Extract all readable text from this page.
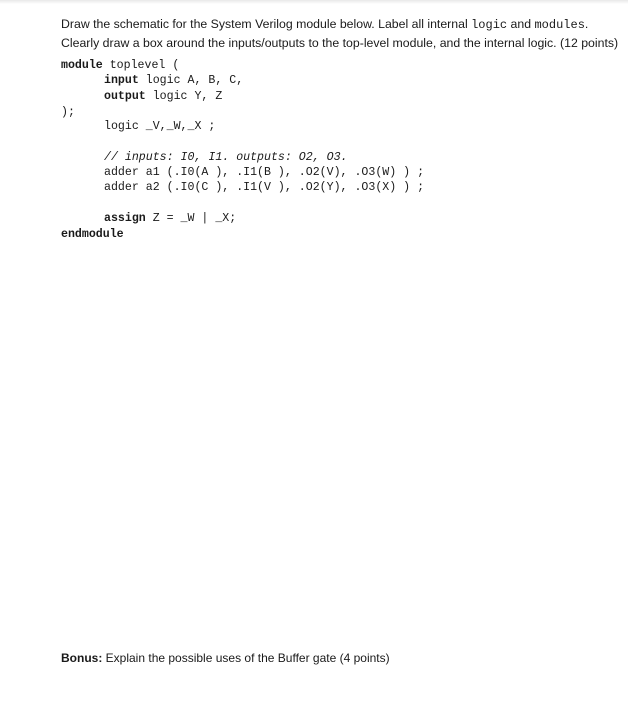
Draw the schematic for the System Verilog module below. Label all internal logic and modules. Clearly draw a box around the inputs/outputs to the top-level module, and the internal logic. (12 points)
module toplevel (
input logic A, B, C,
output logic Y, Z
);
logic _V,_W,_X ;
// inputs: I0, I1. outputs: O2, O3.
adder a1 (.I0(A ), .I1(B ), .O2(V), .O3(W) ) ;
adder a2 (.I0(C ), .I1(V ), .O2(Y), .O3(X) ) ;
assign Z = _W | _X;
endmodule
Bonus: Explain the possible uses of the Buffer gate (4 points)
